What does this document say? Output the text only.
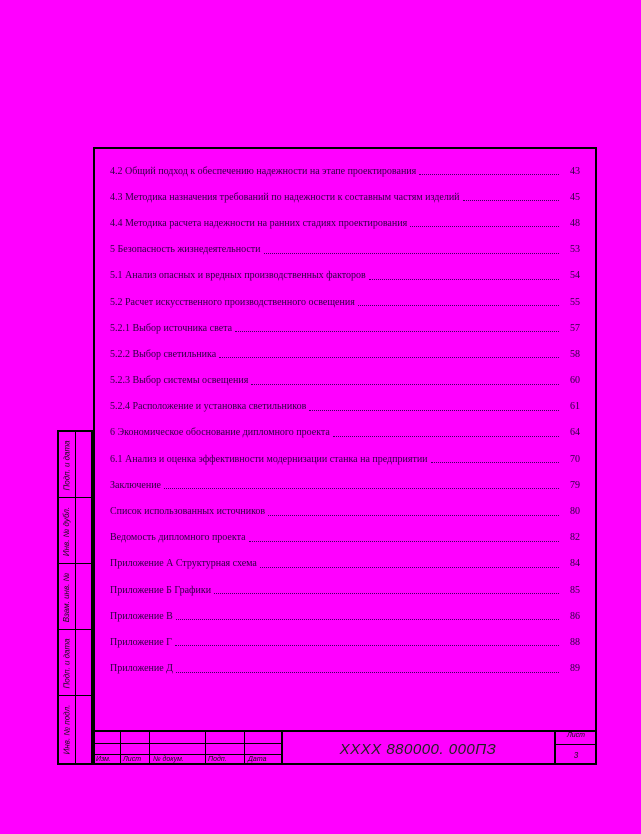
4.2 Общий подход к обеспечению надежности на этапе проектирования	43
4.3 Методика назначения требований по надежности к составным частям изделий	45
4.4 Методика расчета надежности на ранних стадиях проектирования	48
5 Безопасность жизнедеятельности	53
5.1 Анализ опасных и вредных производственных факторов	54
5.2 Расчет искусственного производственного освещения	55
5.2.1 Выбор источника света	57
5.2.2 Выбор светильника	58
5.2.3 Выбор системы освещения	60
5.2.4 Расположение и установка светильников	61
6 Экономическое обоснование дипломного проекта	64
6.1 Анализ и оценка эффективности модернизации станка на предприятии	70
Заключение	79
Список использованных источников	80
Ведомость дипломного проекта	82
Приложение А Структурная схема	84
Приложение Б Графики	85
Приложение В	86
Приложение Г	88
Приложение Д	89
Подп. и дата
Инв. № дубл.
Взам. инв. №
Подп. и дата
Инв. № подл.
Изм. Лист № докум.	Подп.	Дата
ХХХХ 880000. 000ПЗ
Лист
3
